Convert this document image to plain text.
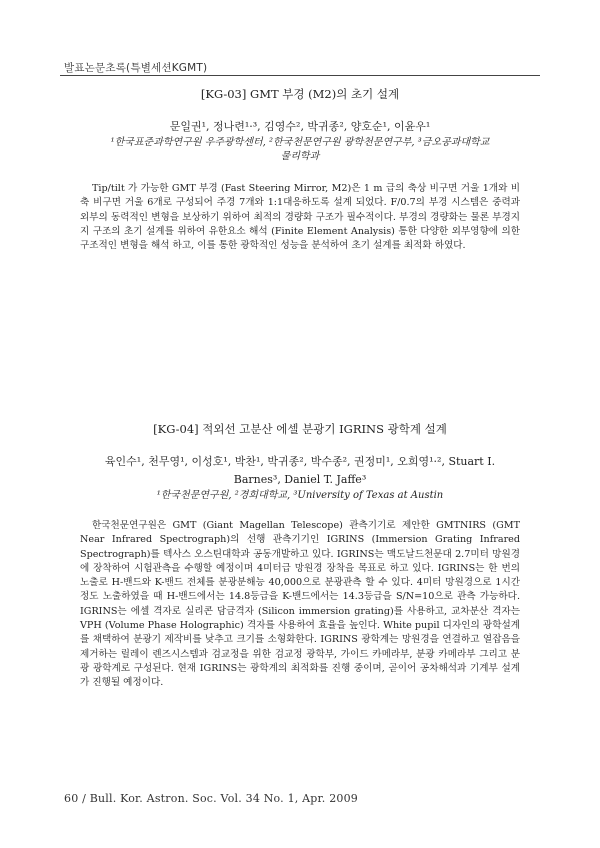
발표논문초록(특별세션KGMT)

[KG-03] GMT 부경 (M2)의 초기 설계

문일권¹, 정나련¹·³, 김영수², 박귀종², 양호순¹, 이윤우¹

¹한국표준과학연구원 우주광학센터, ²한국천문연구원 광학천문연구부, ³금오공과대학교

물리학과

Tip/tilt 가 가능한 GMT 부경 (Fast Steering Mirror, M2)은 1 m 급의 축상 비구면 거울 1개와 비축 비구면 거울 6개로 구성되어 주경 7개와 1:1대응하도록 설계 되었다. F/0.7의 부경 시스템은 중력과 외부의 동력적인 변형을 보상하기 위하여 최적의 경량화 구조가 필수적이다. 부경의 경량화는 물론 부경지지 구조의 초기 설계를 위하여 유한요소 해석 (Finite Element Analysis) 통한 다양한 외부영향에 의한 구조적인 변형을 해석 하고, 이를 통한 광학적인 성능을 분석하여 초기 설계를 최적화 하였다.

[KG-04] 적외선 고분산 에셀 분광기 IGRINS 광학계 설계

육인수¹, 천무영¹, 이성호¹, 박찬¹, 박귀종², 박수종², 권정미¹, 오희영¹·², Stuart I.

Barnes³, Daniel T. Jaffe³

¹한국천문연구원, ²경희대학교, ³University of Texas at Austin

한국천문연구원은 GMT (Giant Magellan Telescope) 관측기기로 제안한 GMTNIRS (GMT Near Infrared Spectrograph)의 선행 관측기기인 IGRINS (Immersion Grating Infrared Spectrograph)를 텍사스 오스틴대학과 공동개발하고 있다. IGRINS는 맥도날드천문대 2.7미터 망원경에 장착하여 시험관측을 수행할 예정이며 4미터급 망원경 장착을 목표로 하고 있다. IGRINS는 한 번의 노출로 H-밴드와 K-밴드 전체를 분광분해능 40,000으로 분광관측 할 수 있다. 4미터 망원경으로 1시간 정도 노출하였을 때 H-밴드에서는 14.8등급을 K-밴드에서는 14.3등급을 S/N=10으로 관측 가능하다. IGRINS는 에셀 격자로 실리콘 담금격자 (Silicon immersion grating)를 사용하고, 교차분산 격자는 VPH (Volume Phase Holographic) 격자를 사용하여 효율을 높인다. White pupil 디자인의 광학설계를 채택하여 분광기 제작비를 낮추고 크기를 소형화한다. IGRINS 광학계는 망원경을 연결하고 열잡음을 제거하는 릴레이 렌즈시스템과 검교정을 위한 검교정 광학부, 가이드 카메라부, 분광 카메라부 그리고 분광 광학계로 구성된다. 현재 IGRINS는 광학계의 최적화를 진행 중이며, 곧이어 공차해석과 기계부 설계가 진행될 예정이다.

60 / Bull. Kor. Astron. Soc. Vol. 34 No. 1, Apr. 2009
